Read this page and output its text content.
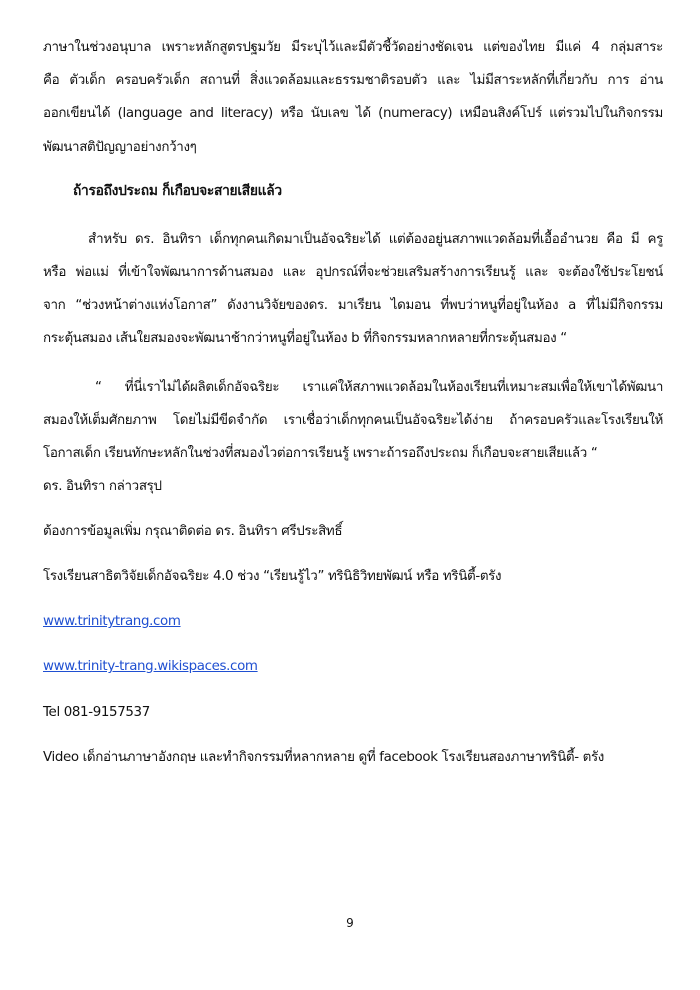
ภาษาในช่วงอนุบาล เพราะหลักสูตรปฐมวัย มีระบุไว้และมีตัวชี้วัดอย่างชัดเจน แต่ของไทย มีแค่ 4 กลุ่มสาระ
คือ ตัวเด็ก ครอบครัวเด็ก สถานที่ สิ่งแวดล้อมและธรรมชาติรอบตัว และ ไม่มีสาระหลักที่เกี่ยวกับ การ อ่าน
ออกเขียนได้ (language and literacy) หรือ นับเลข ได้ (numeracy) เหมือนสิงค์โปร์ แต่รวมไปในกิจกรรม
พัฒนาสติปัญญาอย่างกว้างๆ
ถ้ารอถึงประถม ก็เกือบจะสายเสียแล้ว
สำหรับ ดร. อินทิรา เด็กทุกคนเกิดมาเป็นอัจฉริยะได้ แต่ต้องอยู่นสภาพแวดล้อมที่เอื้ออำนวย คือ มี ครู
หรือ พ่อแม่ ที่เข้าใจพัฒนาการด้านสมอง และ อุปกรณ์ที่จะช่วยเสริมสร้างการเรียนรู้ และ จะต้องใช้ประโยชน์
จาก “ช่วงหน้าต่างแห่งโอกาส” ดังงานวิจัยของดร. มาเรียน ไดมอน ที่พบว่าหนูที่อยู่ในห้อง a ที่ไม่มีกิจกรรม
กระตุ้นสมอง เส้นใยสมองจะพัฒนาช้ากว่าหนูที่อยู่ในห้อง b ที่กิจกรรมหลากหลายที่กระตุ้นสมอง “
“ ที่นี่เราไม่ได้ผลิตเด็กอัจฉริยะ เราแค่ให้สภาพแวดล้อมในห้องเรียนที่เหมาะสมเพื่อให้เขาได้พัฒนา
สมองให้เต็มศักยภาพ โดยไม่มีขีดจำกัด เราเชื่อว่าเด็กทุกคนเป็นอัจฉริยะได้ง่าย ถ้าครอบครัวและโรงเรียนให้
โอกาสเด็ก เรียนทักษะหลักในช่วงที่สมองไวต่อการเรียนรู้ เพราะถ้ารอถึงประถม ก็เกือบจะสายเสียแล้ว “
ดร. อินทิรา กล่าวสรุป
ต้องการข้อมูลเพิ่ม กรุณาติดต่อ ดร. อินทิรา ศรีประสิทธิ์
โรงเรียนสาธิตวิจัยเด็กอัจฉริยะ 4.0 ช่วง “เรียนรู้ไว” ทรินิธิวิทยพัฒน์ หรือ ทรินิตี้-ตรัง
www.trinitytrang.com
www.trinity-trang.wikispaces.com
Tel 081-9157537
Video เด็กอ่านภาษาอังกฤษ และทำกิจกรรมที่หลากหลาย ดูที่ facebook โรงเรียนสองภาษาทรินิตี้- ตรัง
9
